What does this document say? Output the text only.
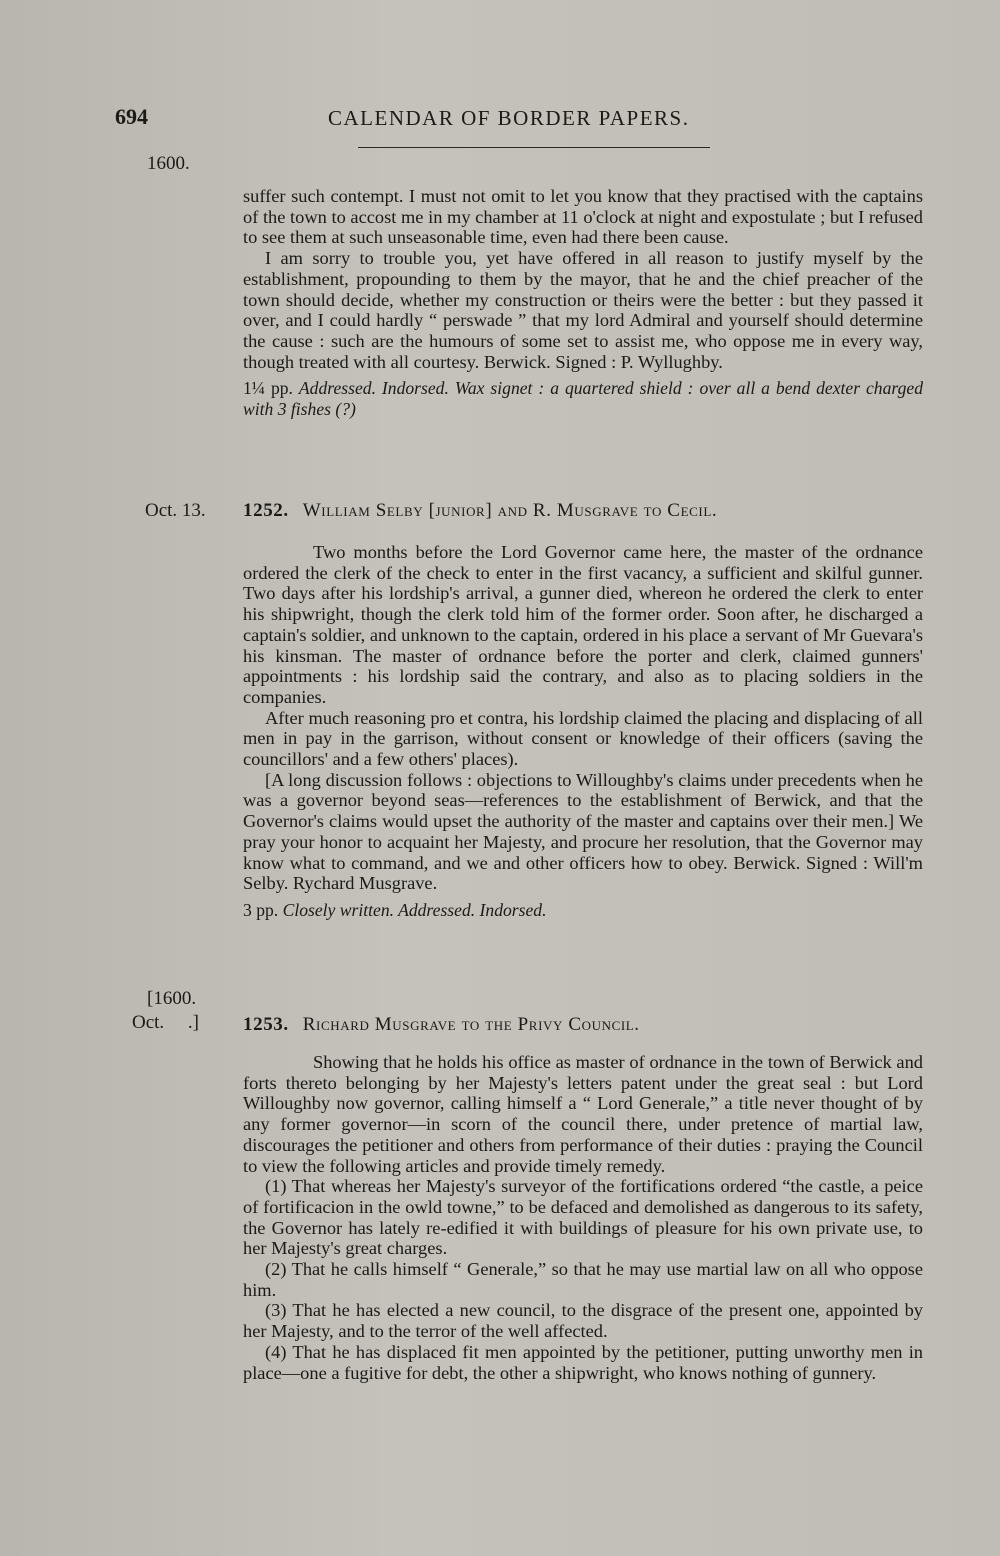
694	CALENDAR OF BORDER PAPERS.
1600.

suffer such contempt. I must not omit to let you know that they practised with the captains of the town to accost me in my chamber at 11 o'clock at night and expostulate ; but I refused to see them at such unseasonable time, even had there been cause.

I am sorry to trouble you, yet have offered in all reason to justify myself by the establishment, propounding to them by the mayor, that he and the chief preacher of the town should decide, whether my construction or theirs were the better : but they passed it over, and I could hardly “ perswade ” that my lord Admiral and yourself should determine the cause : such are the humours of some set to assist me, who oppose me in every way, though treated with all courtesy. Berwick. Signed : P. Wyllughby.

1¼ pp. Addressed. Indorsed. Wax signet : a quartered shield : over all a bend dexter charged with 3 fishes (?)

Oct. 13. 1252. William Selby [junior] and R. Musgrave to Cecil.

Two months before the Lord Governor came here, the master of the ordnance ordered the clerk of the check to enter in the first vacancy, a sufficient and skilful gunner. Two days after his lordship's arrival, a gunner died, whereon he ordered the clerk to enter his shipwright, though the clerk told him of the former order. Soon after, he discharged a captain's soldier, and unknown to the captain, ordered in his place a servant of Mr Guevara's his kinsman. The master of ordnance before the porter and clerk, claimed gunners' appointments : his lordship said the contrary, and also as to placing soldiers in the companies.

After much reasoning pro et contra, his lordship claimed the placing and displacing of all men in pay in the garrison, without consent or knowledge of their officers (saving the councillors' and a few others' places).

[A long discussion follows : objections to Willoughby's claims under precedents when he was a governor beyond seas—references to the establishment of Berwick, and that the Governor's claims would upset the authority of the master and captains over their men.] We pray your honor to acquaint her Majesty, and procure her resolution, that the Governor may know what to command, and we and other officers how to obey. Berwick. Signed : Will'm Selby. Rychard Musgrave.

3 pp. Closely written. Addressed. Indorsed.

[1600.
Oct.     .] 1253. Richard Musgrave to the Privy Council.

Showing that he holds his office as master of ordnance in the town of Berwick and forts thereto belonging by her Majesty's letters patent under the great seal : but Lord Willoughby now governor, calling himself a “ Lord Generale,” a title never thought of by any former governor—in scorn of the council there, under pretence of martial law, discourages the petitioner and others from performance of their duties : praying the Council to view the following articles and provide timely remedy.

(1) That whereas her Majesty's surveyor of the fortifications ordered “the castle, a peice of fortificacion in the owld towne,” to be defaced and demolished as dangerous to its safety, the Governor has lately re-edified it with buildings of pleasure for his own private use, to her Majesty's great charges.

(2) That he calls himself “ Generale,” so that he may use martial law on all who oppose him.

(3) That he has elected a new council, to the disgrace of the present one, appointed by her Majesty, and to the terror of the well affected.

(4) That he has displaced fit men appointed by the petitioner, putting unworthy men in place—one a fugitive for debt, the other a shipwright, who knows nothing of gunnery.
